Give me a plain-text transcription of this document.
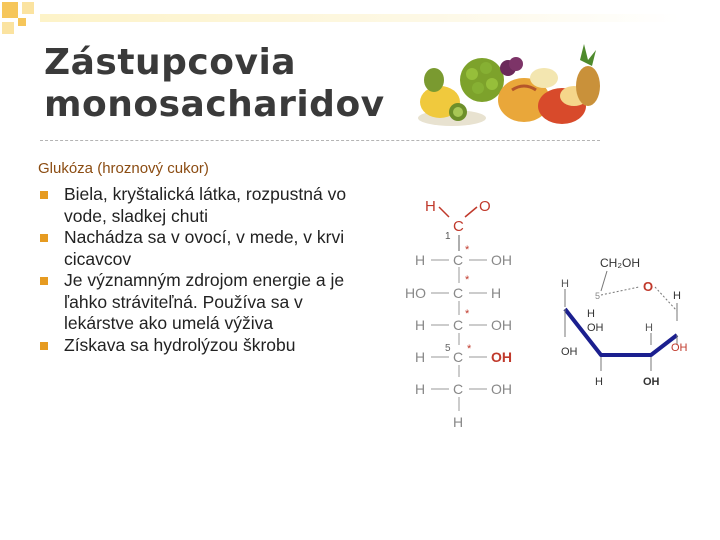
Zástupcovia
monosacharidov
Glukóza (hroznový cukor)
Biela, kryštalická látka, rozpustná vo vode, sladkej chuti
Nachádza sa v ovocí, v mede, v krvi cicavcov
Je významným zdrojom energie a je ľahko stráviteľná. Používa sa v lekárstve ako umelá výživa
Získava sa hydrolýzou škrobu
H	O
C
1
H C
*
OH
HO C
*
H
H C
*
OH
H C
5 * OH
H C OH
H
CH₂OH
H
5
O
H
H
OH	H
OH	OH
H	OH
